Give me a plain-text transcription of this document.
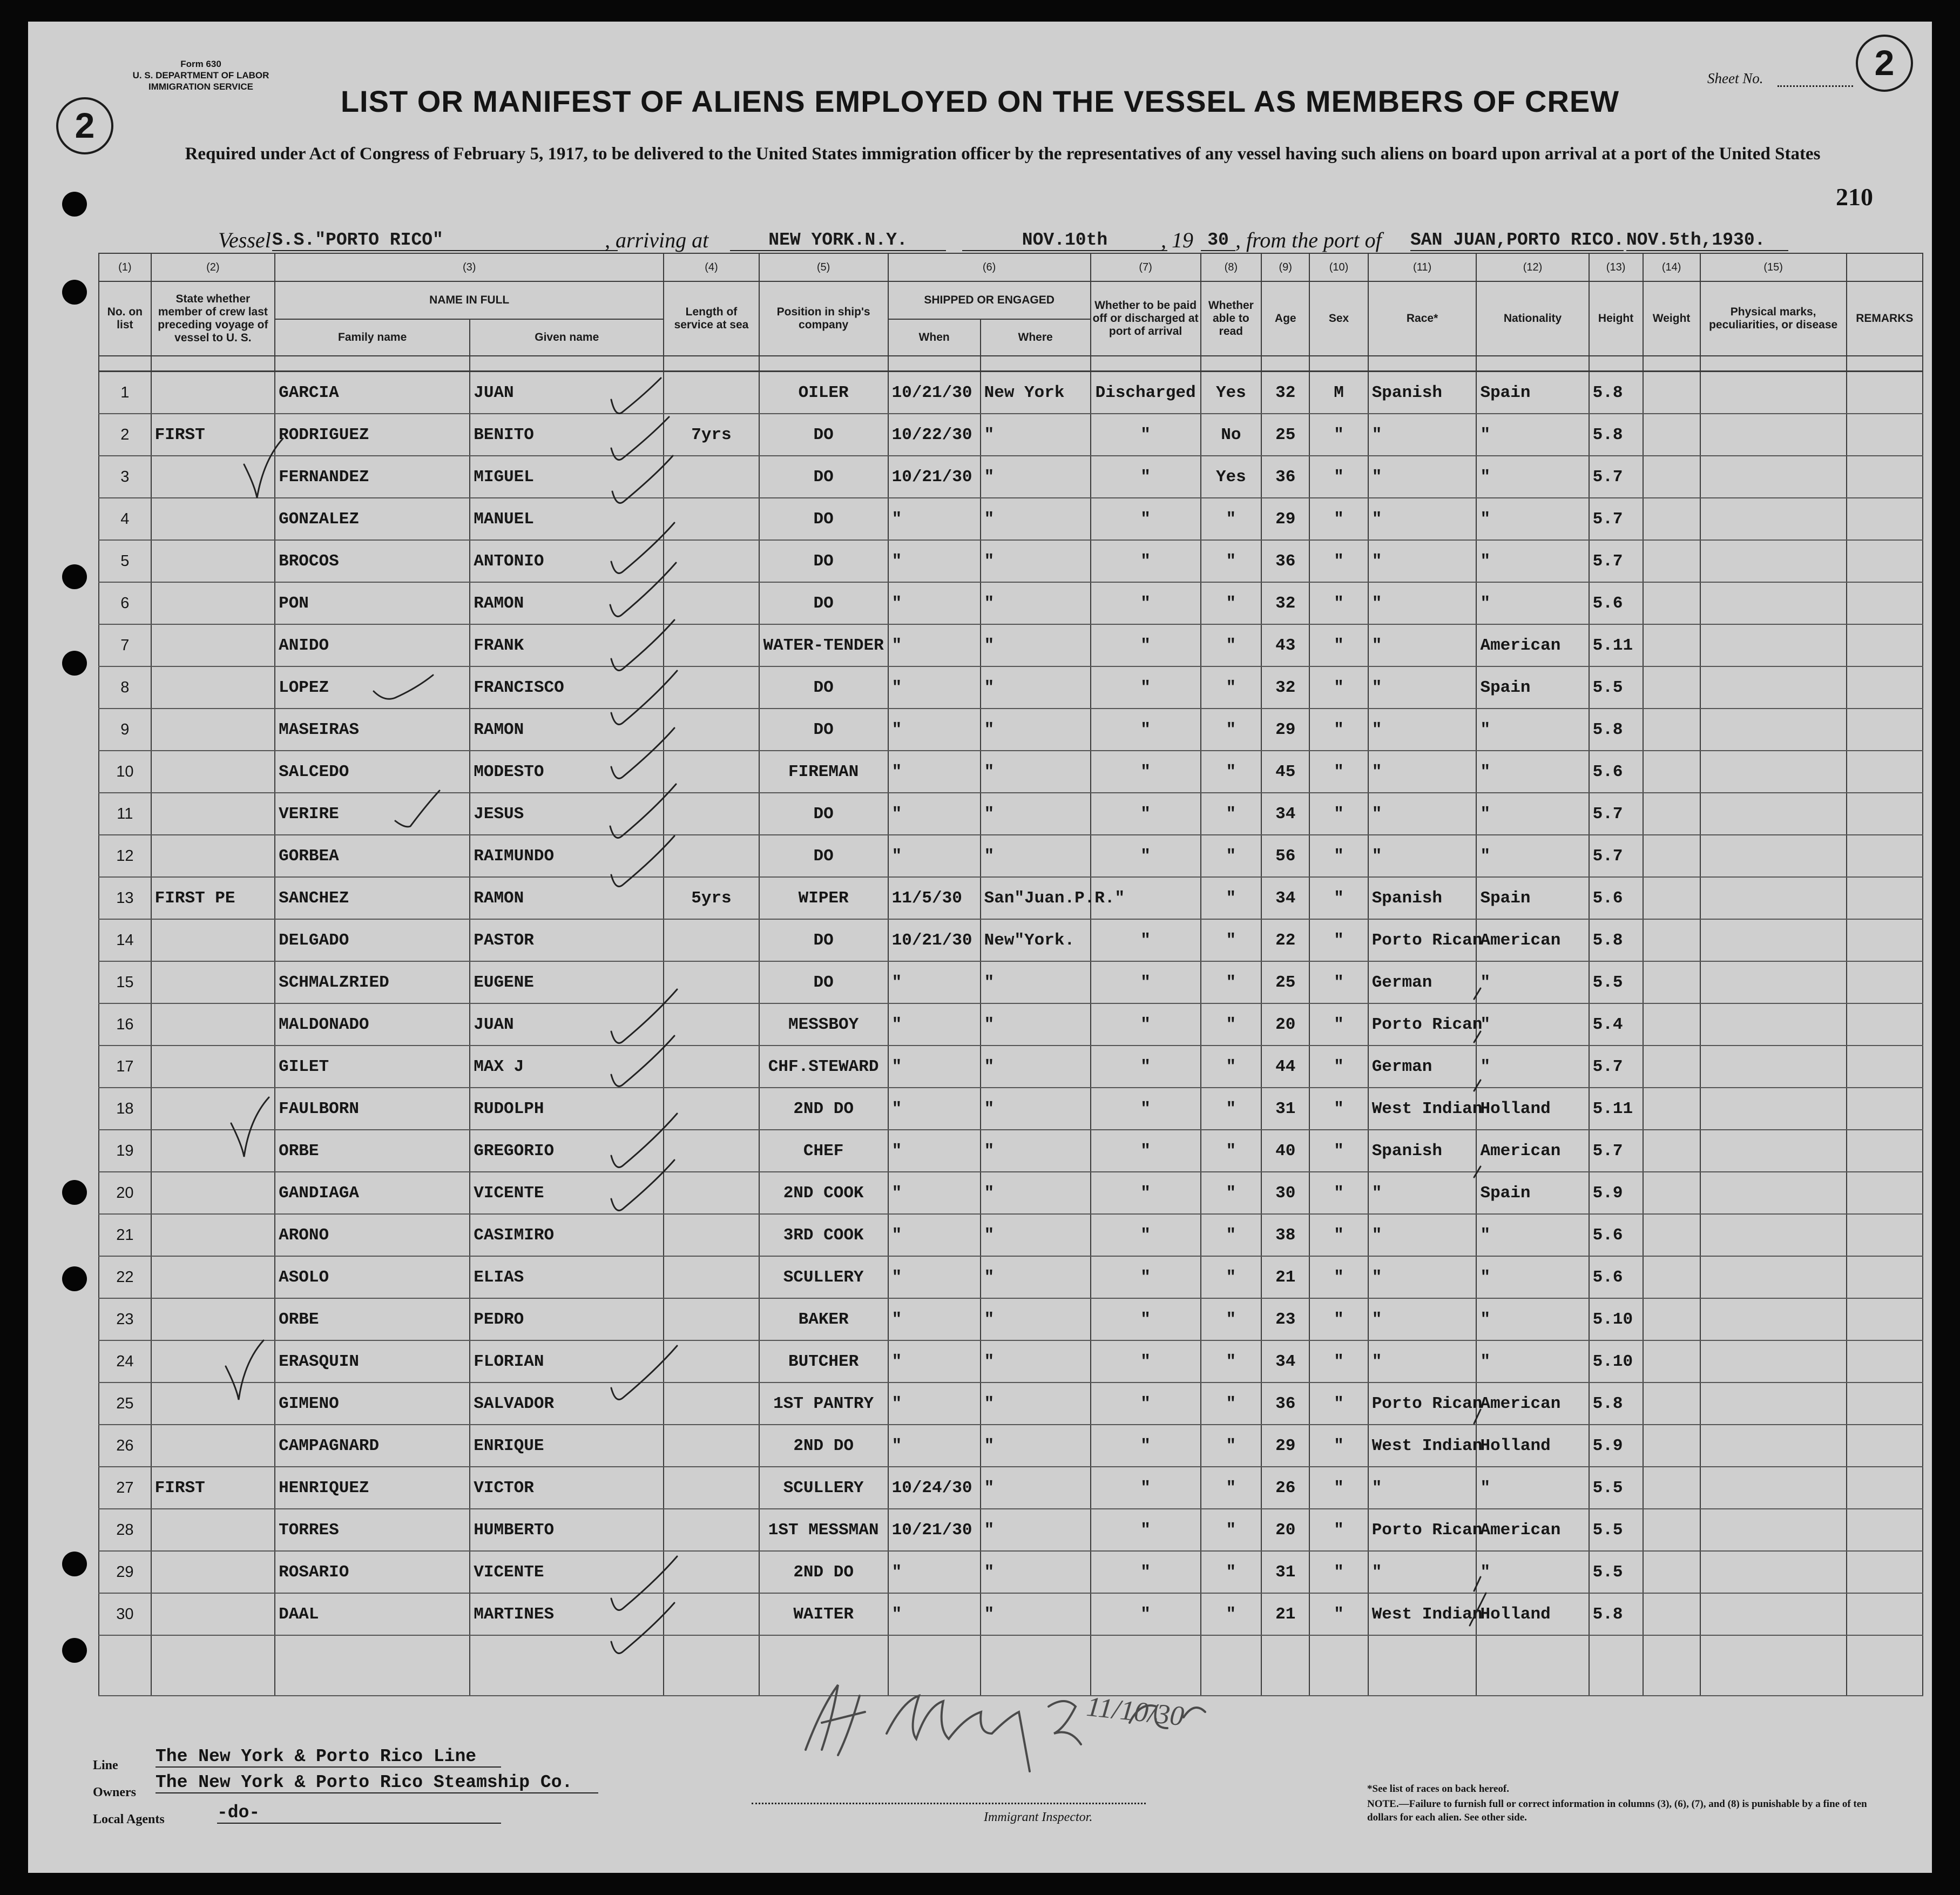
Form 630
U. S. DEPARTMENT OF LABOR
IMMIGRATION SERVICE
2
2
Sheet No.
LIST OR MANIFEST OF ALIENS EMPLOYED ON THE VESSEL AS MEMBERS OF CREW
Required under Act of Congress of February 5, 1917, to be delivered to the United States immigration officer by the representatives of any vessel having such aliens on board upon arrival at a port of the United States
210
Vessel S.S."PORTO RICO"	, arriving at	NEW YORK.N.Y.	NOV.10th	, 19 30 , from the port of SAN JUAN,PORTO RICO. NOV.5th,1930.
(1)	(2)	(3)		(4)	(5)	(6)		(7)	(8)	(9)	(10)	(11)	(12)	(13)	(14)	(15)	
No. on list	State whether member of crew last preceding voyage of vessel to U. S.	NAME IN FULL		Length of service at sea	Position in ship's company	SHIPPED OR ENGAGED		Whether to be paid off or discharged at port of arrival	Whether able to read	Age	Sex	Race*	Nationality	Height	Weight	Physical marks, peculiarities, or disease	REMARKS
		Family name	Given name			When	Where										

1		GARCIA	JUAN		OILER	10/21/30	New York	Discharged	Yes	32	M	Spanish	Spain	5.8			
2	FIRST	RODRIGUEZ	BENITO	7yrs	DO	10/22/30	"	"	No	25	"	"	"	5.8			
3		FERNANDEZ	MIGUEL		DO	10/21/30	"	"	Yes	36	"	"	"	5.7			
4		GONZALEZ	MANUEL		DO	"	"	"	"	29	"	"	"	5.7			
5		BROCOS	ANTONIO		DO	"	"	"	"	36	"	"	"	5.7			
6		PON	RAMON		DO	"	"	"	"	32	"	"	"	5.6			
7		ANIDO	FRANK		WATER-TENDER	"	"	"	"	43	"	"	American	5.11			
8		LOPEZ	FRANCISCO		DO	"	"	"	"	32	"	"	Spain	5.5			
9		MASEIRAS	RAMON		DO	"	"	"	"	29	"	"	"	5.8			
10		SALCEDO	MODESTO		FIREMAN	"	"	"	"	45	"	"	"	5.6			
11		VERIRE	JESUS		DO	"	"	"	"	34	"	"	"	5.7			
12		GORBEA	RAIMUNDO		DO	"	"	"	"	56	"	"	"	5.7			
13	FIRST PE	SANCHEZ	RAMON	5yrs	WIPER	11/5/30	San"Juan.P.R."		"	34	"	Spanish	Spain	5.6			
14		DELGADO	PASTOR		DO	10/21/30	New"York.	"	"	22	"	Porto Rican	American	5.8			
15		SCHMALZRIED	EUGENE		DO	"	"	"	"	25	"	German	"	5.5			
16		MALDONADO	JUAN		MESSBOY	"	"	"	"	20	"	Porto Rican	"	5.4			
17		GILET	MAX J		CHF.STEWARD	"	"	"	"	44	"	German	"	5.7			
18		FAULBORN	RUDOLPH		2ND DO	"	"	"	"	31	"	West Indian	Holland	5.11			
19		ORBE	GREGORIO		CHEF	"	"	"	"	40	"	Spanish	American	5.7			
20		GANDIAGA	VICENTE		2ND COOK	"	"	"	"	30	"	"	Spain	5.9			
21		ARONO	CASIMIRO		3RD COOK	"	"	"	"	38	"	"	"	5.6			
22		ASOLO	ELIAS		SCULLERY	"	"	"	"	21	"	"	"	5.6			
23		ORBE	PEDRO		BAKER	"	"	"	"	23	"	"	"	5.10			
24		ERASQUIN	FLORIAN		BUTCHER	"	"	"	"	34	"	"	"	5.10			
25		GIMENO	SALVADOR		1ST PANTRY	"	"	"	"	36	"	Porto Rican	American	5.8			
26		CAMPAGNARD	ENRIQUE		2ND DO	"	"	"	"	29	"	West Indian	Holland	5.9			
27	FIRST	HENRIQUEZ	VICTOR		SCULLERY	10/24/30	"	"	"	26	"	"	"	5.5			
28		TORRES	HUMBERTO		1ST MESSMAN	10/21/30	"	"	"	20	"	Porto Rican	American	5.5			
29		ROSARIO	VICENTE		2ND DO	"	"	"	"	31	"	"	"	5.5			
30		DAAL	MARTINES		WAITER	"	"	"	"	21	"	West Indian	Holland	5.8			

11/10/30
Line The New York & Porto Rico Line
Owners The New York & Porto Rico Steamship Co.
Local Agents	-do-	Immigrant Inspector.
*See list of races on back hereof.
NOTE.—Failure to furnish full or correct information in columns (3), (6), (7), and (8) is punishable by a fine of ten dollars for each alien. See other side.
